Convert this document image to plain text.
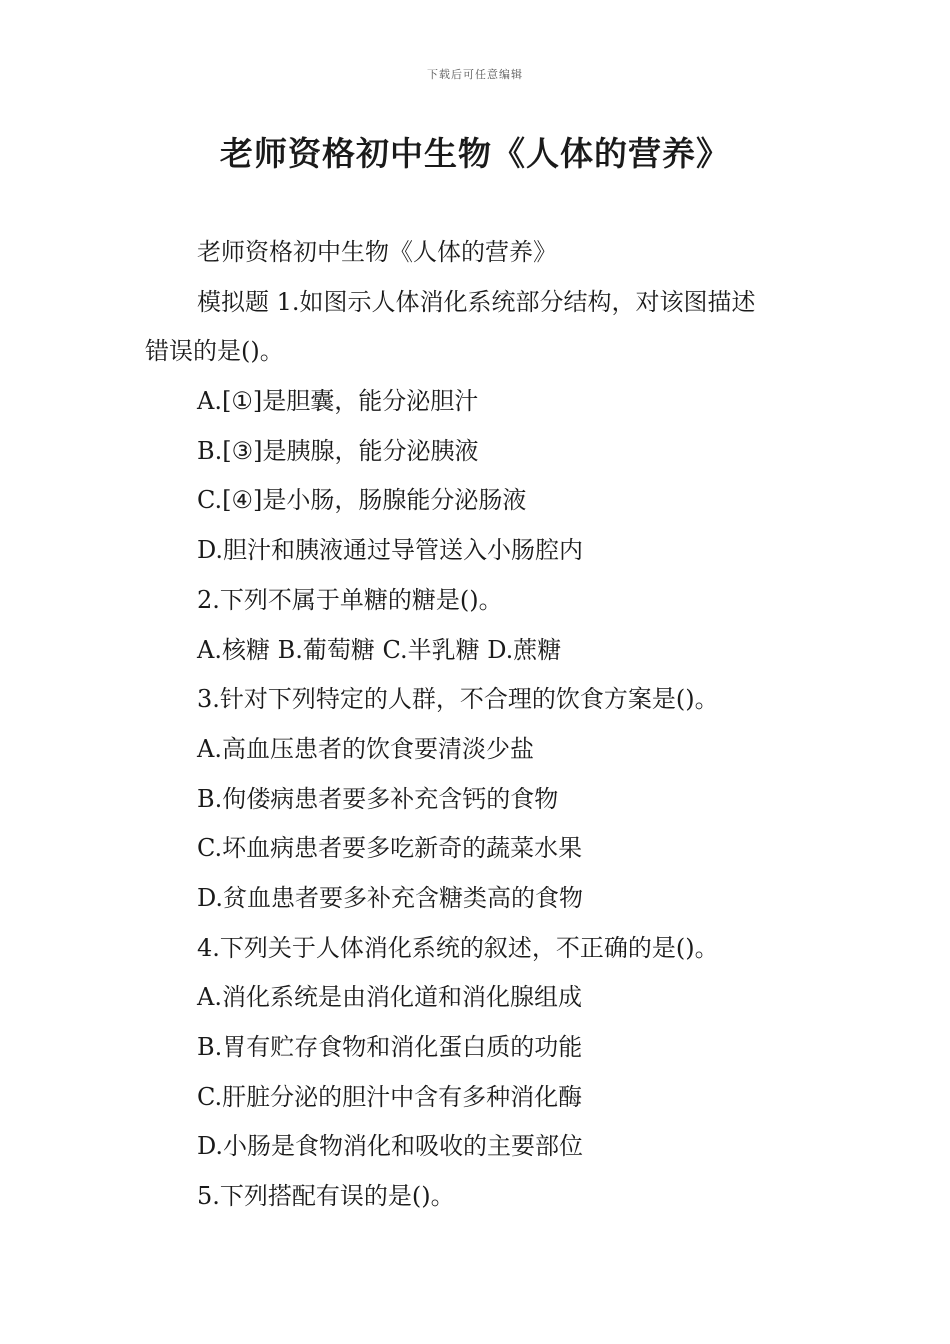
下载后可任意编辑
老师资格初中生物《人体的营养》
老师资格初中生物《人体的营养》
模拟题 1.如图示人体消化系统部分结构，对该图描述
错误的是()。
A.[①]是胆囊，能分泌胆汁
B.[③]是胰腺，能分泌胰液
C.[④]是小肠，肠腺能分泌肠液
D.胆汁和胰液通过导管送入小肠腔内
2.下列不属于单糖的糖是()。
A.核糖 B.葡萄糖 C.半乳糖 D.蔗糖
3.针对下列特定的人群，不合理的饮食方案是()。
A.高血压患者的饮食要清淡少盐
B.佝偻病患者要多补充含钙的食物
C.坏血病患者要多吃新奇的蔬菜水果
D.贫血患者要多补充含糖类高的食物
4.下列关于人体消化系统的叙述，不正确的是()。
A.消化系统是由消化道和消化腺组成
B.胃有贮存食物和消化蛋白质的功能
C.肝脏分泌的胆汁中含有多种消化酶
D.小肠是食物消化和吸收的主要部位
5.下列搭配有误的是()。
